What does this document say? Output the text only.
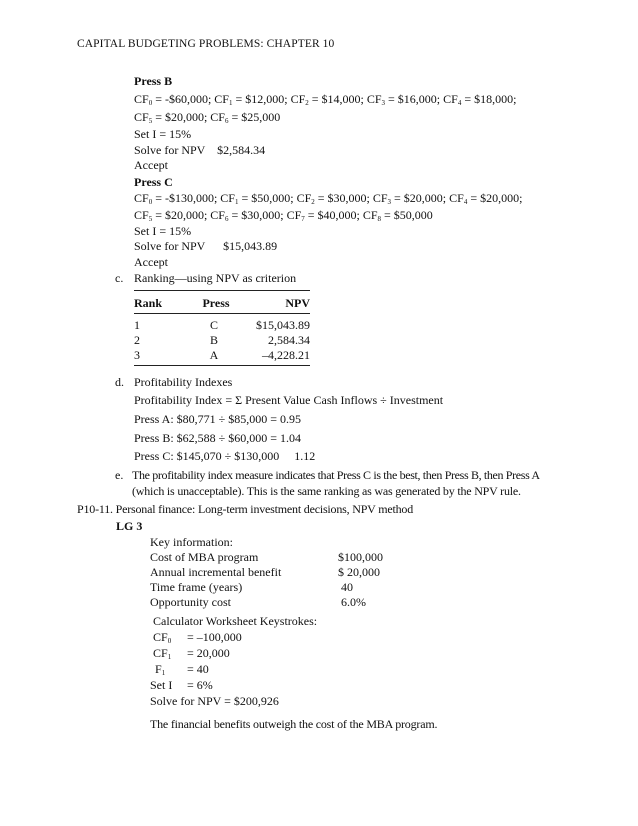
CAPITAL BUDGETING PROBLEMS: CHAPTER 10
Press B
$CF_0$ = -$60,000; $CF_1$ = $12,000; $CF_2$ = $14,000; $CF_3$ = $16,000; $CF_4$ = $18,000;
$CF_5$ = $20,000; $CF_6$ = $25,000
Set I = 15%
Solve for NPV    $2,584.34
Accept
Press C
$CF_0$ = -$130,000; $CF_1$ = $50,000; $CF_2$ = $30,000; $CF_3$ = $20,000; $CF_4$ = $20,000;
$CF_5$ = $20,000; $CF_6$ = $30,000; $CF_7$ = $40,000; $CF_8$ = $50,000
Set I = 15%
Solve for NPV      $15,043.89
Accept
c. Ranking—using NPV as criterion
Rank	Press	NPV
1	C	$15,043.89
2	B	2,584.34
3	A	–4,228.21
d. Profitability Indexes
Profitability Index = Σ Present Value Cash Inflows ÷ Investment
Press A: $80,771 ÷ $85,000 = 0.95
Press B: $62,588 ÷ $60,000 = 1.04
Press C: $145,070 ÷ $130,000     1.12
e. The profitability index measure indicates that Press C is the best, then Press B, then Press A
(which is unacceptable). This is the same ranking as was generated by the NPV rule.
P10-11. Personal finance: Long-term investment decisions, NPV method
LG 3
Key information:
Cost of MBA program	$100,000
Annual incremental benefit	$ 20,000
Time frame (years)	40
Opportunity cost	6.0%
Calculator Worksheet Keystrokes:
$CF_0 = -100,000$
$CF_1 = 20,000$
$F_1 = 40$
Set I = 6%
Solve for NPV = $200,926
The financial benefits outweigh the cost of the MBA program.
